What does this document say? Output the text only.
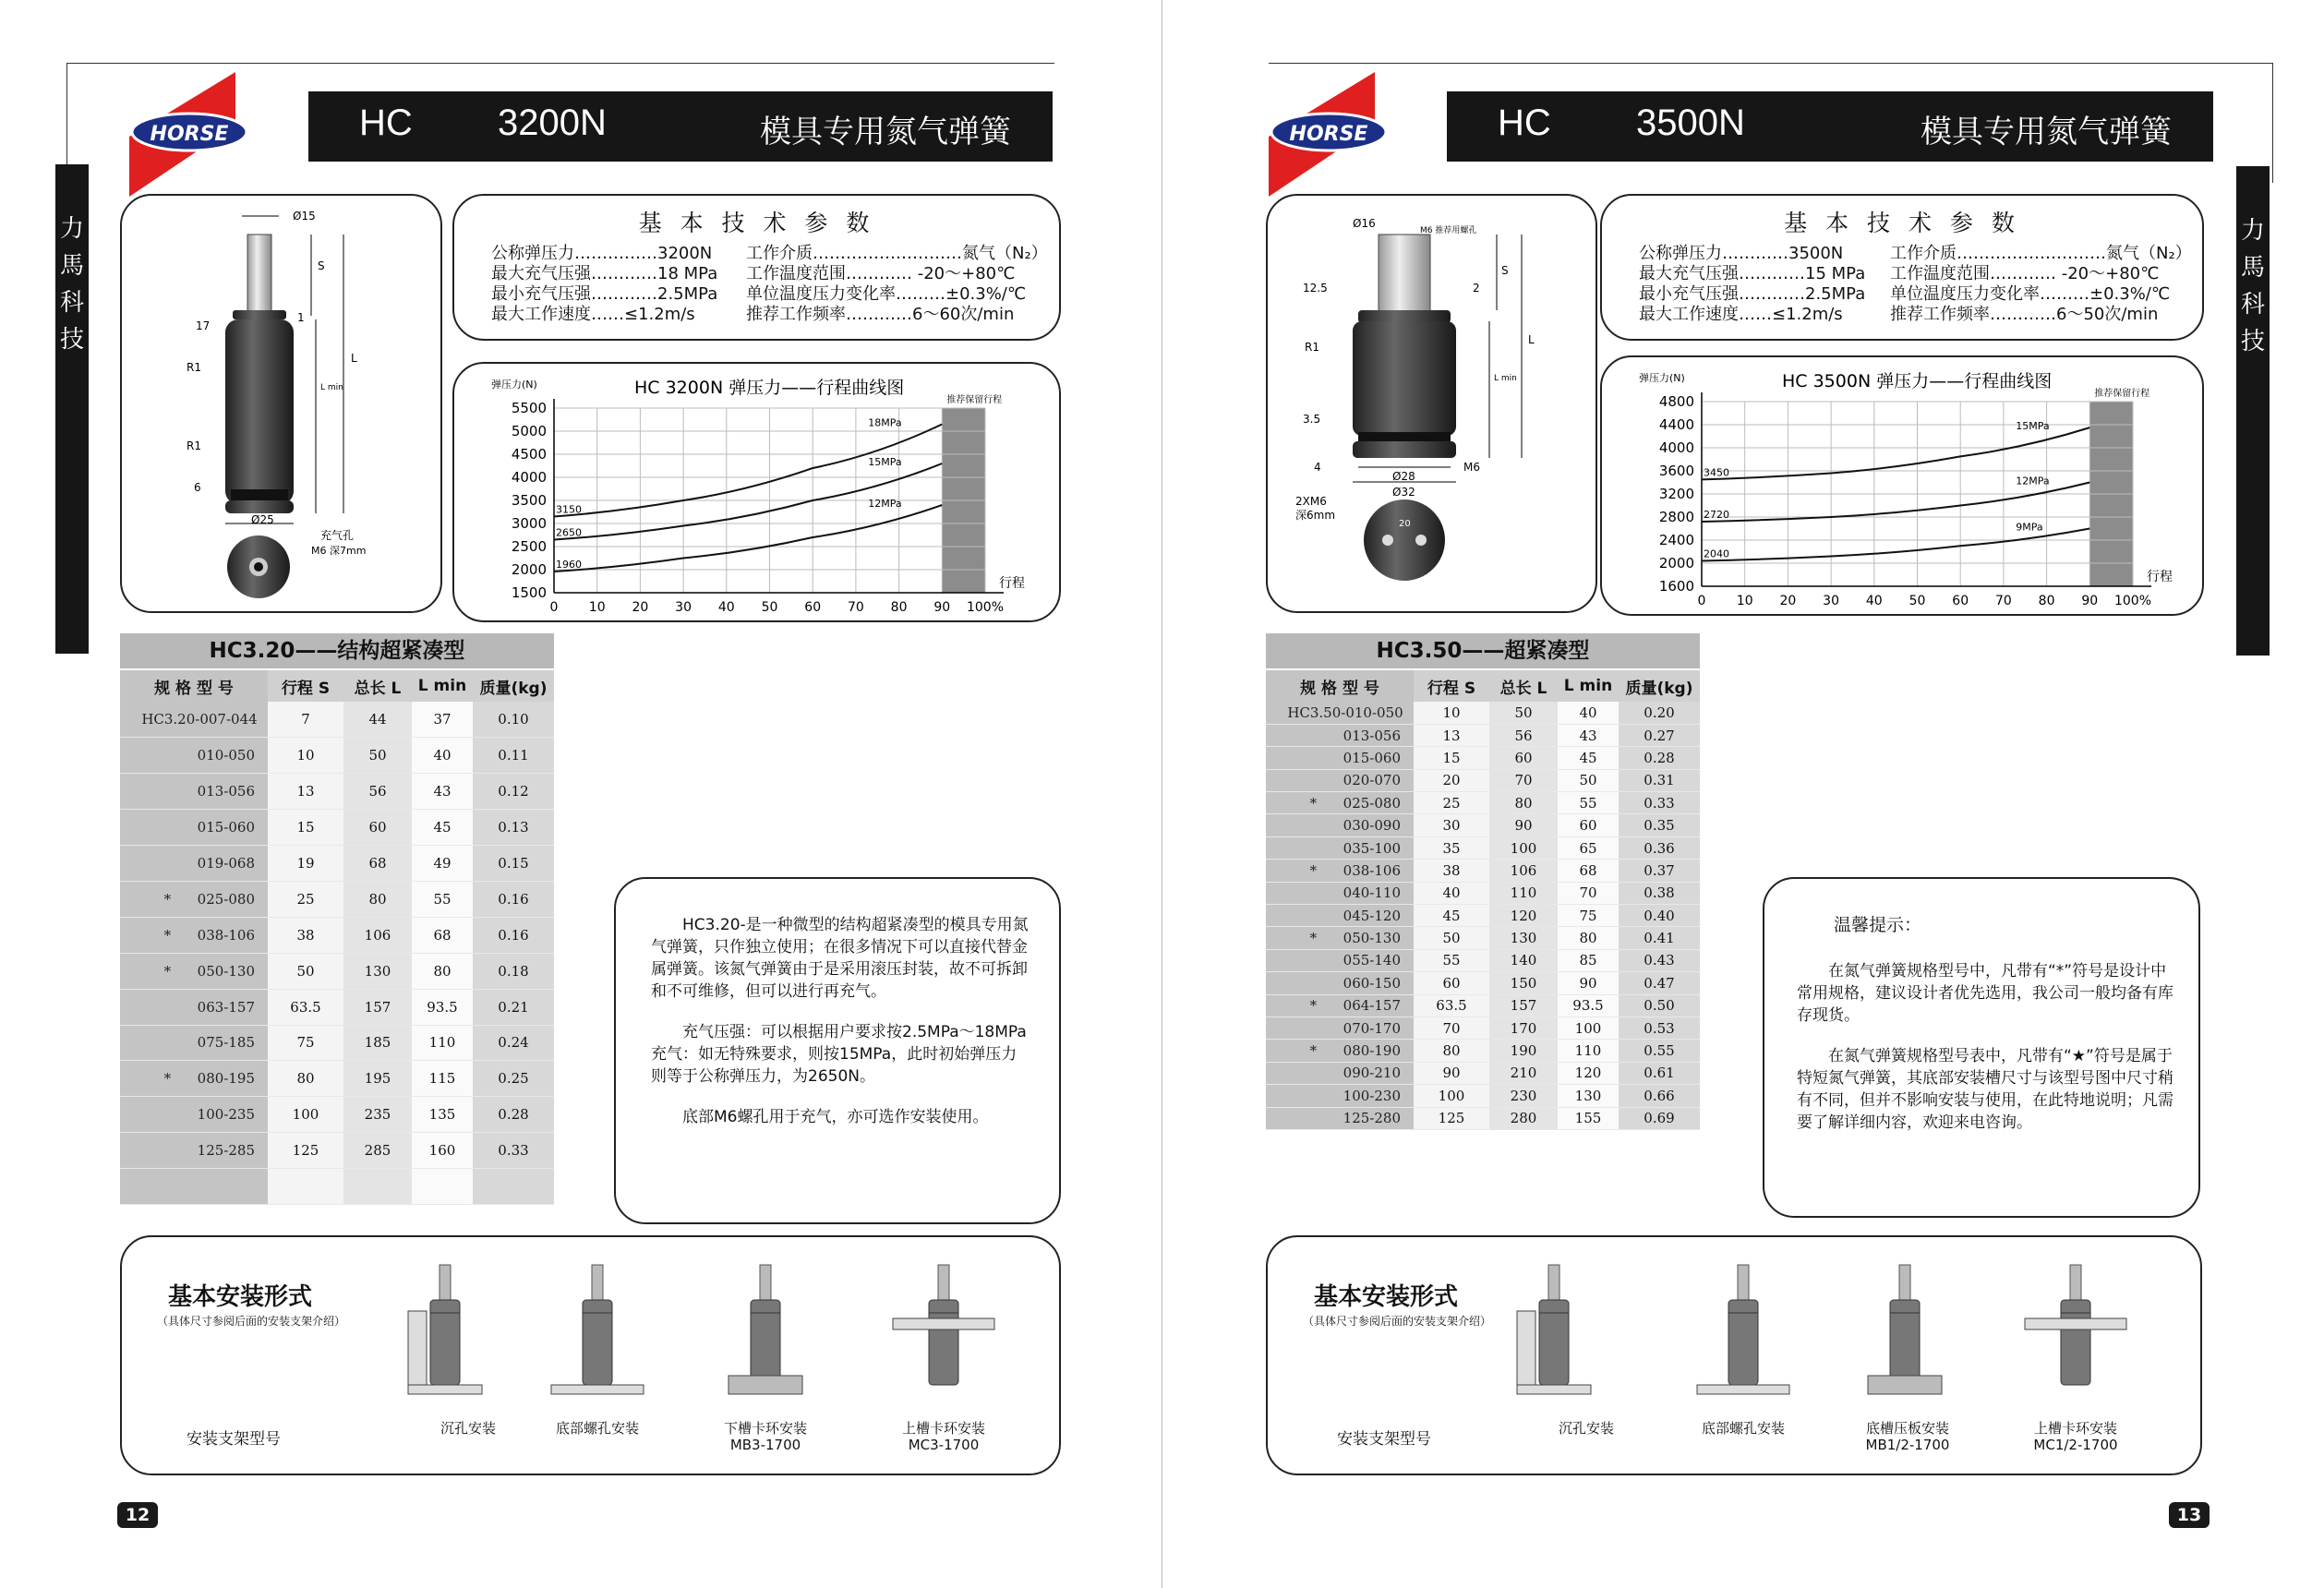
HORSE	HC 3200N	模具专用氮气弹簧
力
馬
科
技
Ø15
S
L
L min
17
1
R1
R1
6
Ø25
充气孔
M6 深7mm
基 本 技 术 参 数
公称弹压力……………3200N
最大充气压强…………18 MPa
最小充气压强…………2.5MPa
最大工作速度……≤1.2m/s
工作介质………………………氮气（N₂）
工作温度范围………… -20～+80℃
单位温度压力变化率………±0.3%/℃
推荐工作频率…………6～60次/min
弹压力(N)	HC 3200N 弹压力——行程曲线图
推荐保留行程
5500
5000
4500
4000
3500
3000
2500
2000
1500
0 10 20 30 40 50 60 70 80 90 100%
行程
3150
18MPa
2650
15MPa
1960
12MPa
HC3.20——结构超紧凑型
规 格 型 号	行程 S	总长 L	L min	质量(kg)
HC3.20-007-044	7	44	37	0.10
010-050	10	50	40	0.11
013-056	13	56	43	0.12
015-060	15	60	45	0.13
019-068	19	68	49	0.15
*      025-080	25	80	55	0.16
*      038-106	38	106	68	0.16
*      050-130	50	130	80	0.18
063-157	63.5	157	93.5	0.21
075-185	75	185	110	0.24
*      080-195	80	195	115	0.25
100-235	100	235	135	0.28
125-285	125	285	160	0.33

HC3.20-是一种微型的结构超紧凑型的模具专用氮气弹簧，只作独立使用；在很多情况下可以直接代替金属弹簧。该氮气弹簧由于是采用滚压封装，故不可拆卸和不可维修，但可以进行再充气。

充气压强：可以根据用户要求按2.5MPa～18MPa充气：如无特殊要求，则按15MPa，此时初始弹压力则等于公称弹压力，为2650N。

底部M6螺孔用于充气，亦可选作安装使用。

基本安装形式
（具体尺寸参阅后面的安装支架介绍）
安装支架型号
沉孔安装	底部螺孔安装	下槽卡环安装
MB3-1700
上槽卡环安装
MC3-1700
12
HORSE	HC 3500N	模具专用氮气弹簧
力
馬
科
技
Ø16
M6 推荐用螺孔
S
L
L min
12.5	2
R1
3.5
4	M6
Ø28
Ø32
2XM6
深6mm
20
基 本 技 术 参 数
公称弹压力…………3500N
最大充气压强…………15 MPa
最小充气压强…………2.5MPa
最大工作速度……≤1.2m/s
工作介质………………………氮气（N₂）
工作温度范围………… -20～+80℃
单位温度压力变化率………±0.3%/℃
推荐工作频率…………6～50次/min
弹压力(N)	HC 3500N 弹压力——行程曲线图
推荐保留行程
4800
4400
4000
3600
3200
2800
2400
2000
1600
0 10 20 30 40 50 60 70 80 90 100%
行程
3450
15MPa
2720
12MPa
2040
9MPa
HC3.50——超紧凑型
规 格 型 号	行程 S	总长 L	L min	质量(kg)
HC3.50-010-050	10	50	40	0.20
013-056	13	56	43	0.27
015-060	15	60	45	0.28
020-070	20	70	50	0.31
*      025-080	25	80	55	0.33
030-090	30	90	60	0.35
035-100	35	100	65	0.36
*      038-106	38	106	68	0.37
040-110	40	110	70	0.38
045-120	45	120	75	0.40
*      050-130	50	130	80	0.41
055-140	55	140	85	0.43
060-150	60	150	90	0.47
*      064-157	63.5	157	93.5	0.50
070-170	70	170	100	0.53
*      080-190	80	190	110	0.55
090-210	90	210	120	0.61
100-230	100	230	130	0.66
125-280	125	280	155	0.69

温馨提示：

在氮气弹簧规格型号中，凡带有“*”符号是设计中常用规格，建议设计者优先选用，我公司一般均备有库存现货。

在氮气弹簧规格型号表中，凡带有“★”符号是属于特短氮气弹簧，其底部安装槽尺寸与该型号图中尺寸稍有不同，但并不影响安装与使用，在此特地说明；凡需要了解详细内容，欢迎来电咨询。

基本安装形式
（具体尺寸参阅后面的安装支架介绍）
安装支架型号
沉孔安装	底部螺孔安装	底槽压板安装
MB1/2-1700
上槽卡环安装
MC1/2-1700
13
